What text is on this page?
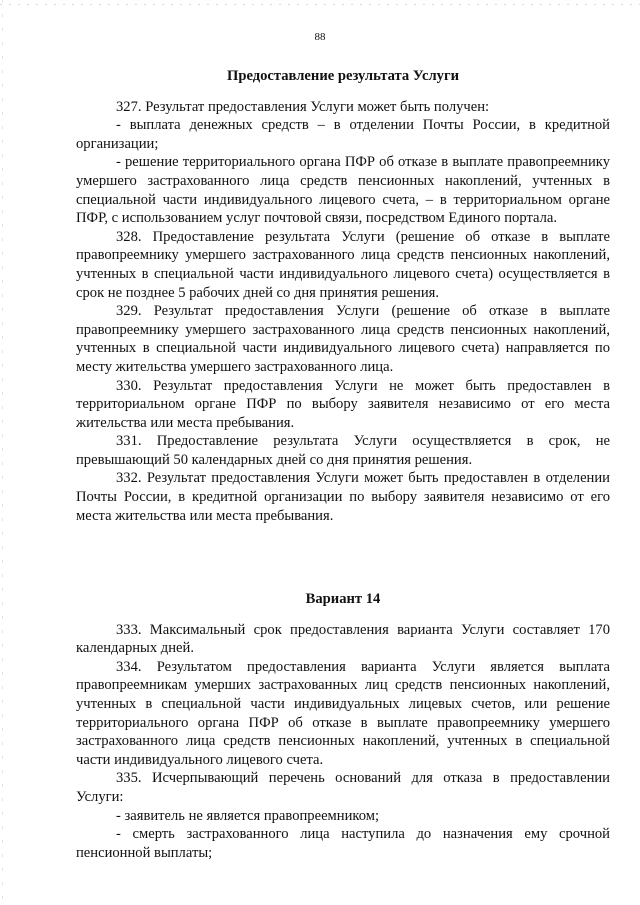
88

Предоставление результата Услуги

327. Результат предоставления Услуги может быть получен:

- выплата денежных средств – в отделении Почты России, в кредитной организации;

- решение территориального органа ПФР об отказе в выплате правопреемнику умершего застрахованного лица средств пенсионных накоплений, учтенных в специальной части индивидуального лицевого счета, – в территориальном органе ПФР, с использованием услуг почтовой связи, посредством Единого портала.

328. Предоставление результата Услуги (решение об отказе в выплате правопреемнику умершего застрахованного лица средств пенсионных накоплений, учтенных в специальной части индивидуального лицевого счета) осуществляется в срок не позднее 5 рабочих дней со дня принятия решения.

329. Результат предоставления Услуги (решение об отказе в выплате правопреемнику умершего застрахованного лица средств пенсионных накоплений, учтенных в специальной части индивидуального лицевого счета) направляется по месту жительства умершего застрахованного лица.

330. Результат предоставления Услуги не может быть предоставлен в территориальном органе ПФР по выбору заявителя независимо от его места жительства или места пребывания.

331. Предоставление результата Услуги осуществляется в срок, не превышающий 50 календарных дней со дня принятия решения.

332. Результат предоставления Услуги может быть предоставлен в отделении Почты России, в кредитной организации по выбору заявителя независимо от его места жительства или места пребывания.

Вариант 14

333. Максимальный срок предоставления варианта Услуги составляет 170 календарных дней.

334. Результатом предоставления варианта Услуги является выплата правопреемникам умерших застрахованных лиц средств пенсионных накоплений, учтенных в специальной части индивидуальных лицевых счетов, или решение территориального органа ПФР об отказе в выплате правопреемнику умершего застрахованного лица средств пенсионных накоплений, учтенных в специальной части индивидуального лицевого счета.

335. Исчерпывающий перечень оснований для отказа в предоставлении Услуги:

- заявитель не является правопреемником;

- смерть застрахованного лица наступила до назначения ему срочной пенсионной выплаты;
